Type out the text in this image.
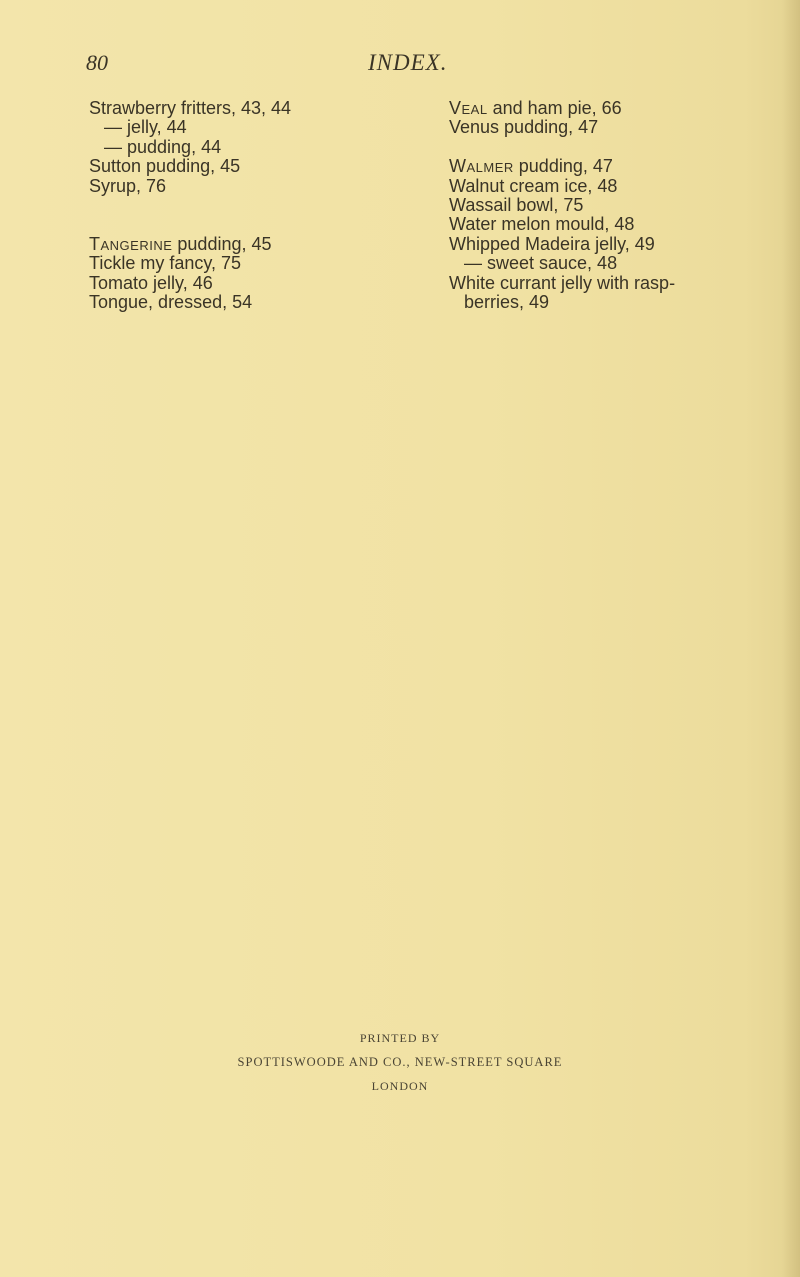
80	INDEX.
Strawberry fritters, 43, 44
— jelly, 44
— pudding, 44
Sutton pudding, 45
Syrup, 76
Tangerine pudding, 45
Tickle my fancy, 75
Tomato jelly, 46
Tongue, dressed, 54
Veal and ham pie, 66
Venus pudding, 47
Walmer pudding, 47
Walnut cream ice, 48
Wassail bowl, 75
Water melon mould, 48
Whipped Madeira jelly, 49
— sweet sauce, 48
White currant jelly with rasp-
berries, 49
PRINTED BY
SPOTTISWOODE AND CO., NEW-STREET SQUARE
LONDON
